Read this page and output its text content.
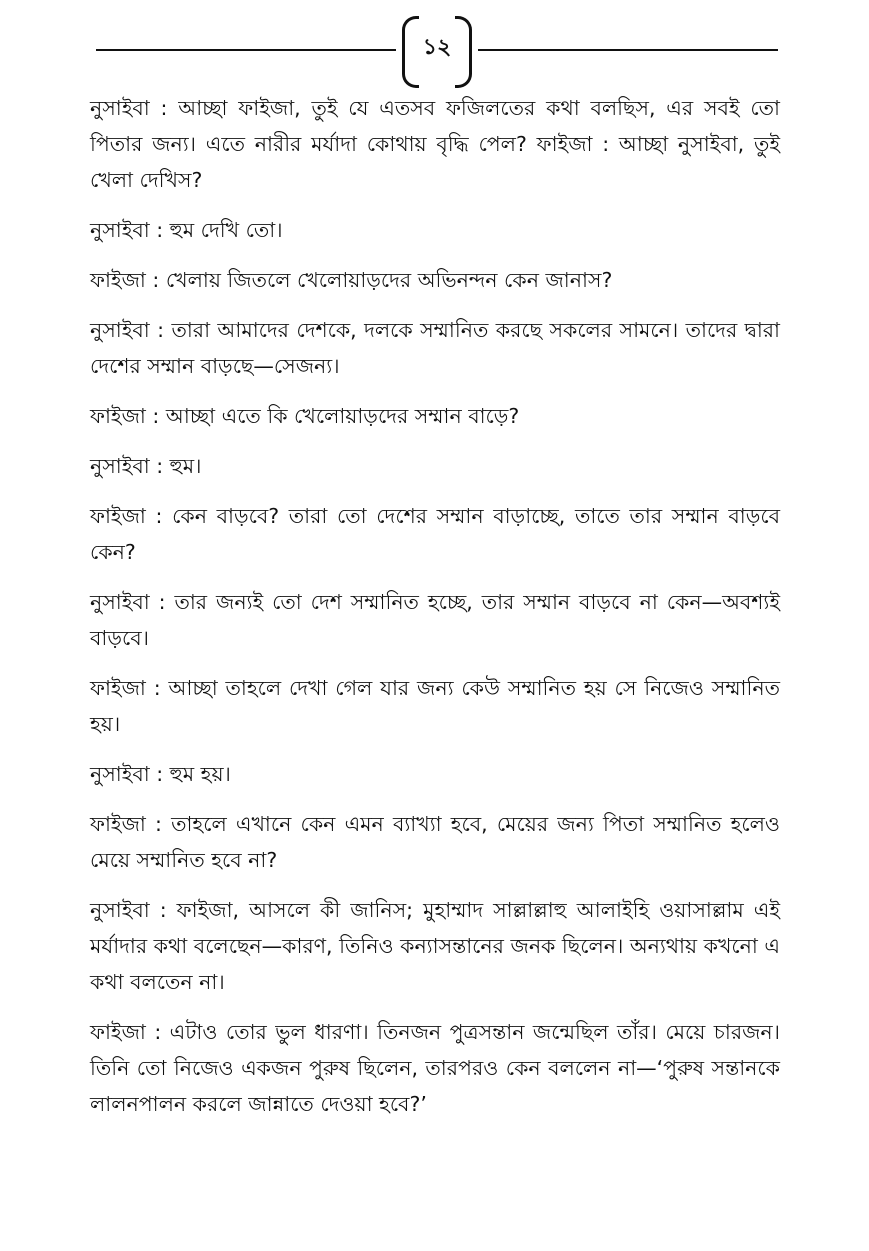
১২

নুসাইবা : আচ্ছা ফাইজা, তুই যে এতসব ফজিলতের কথা বলছিস, এর সবই তো পিতার জন্য। এতে নারীর মর্যাদা কোথায় বৃদ্ধি পেল? ফাইজা : আচ্ছা নুসাইবা, তুই খেলা দেখিস?

নুসাইবা : হুম দেখি তো।

ফাইজা : খেলায় জিতলে খেলোয়াড়দের অভিনন্দন কেন জানাস?

নুসাইবা : তারা আমাদের দেশকে, দলকে সম্মানিত করছে সকলের সামনে। তাদের দ্বারা দেশের সম্মান বাড়ছে—সেজন্য।

ফাইজা : আচ্ছা এতে কি খেলোয়াড়দের সম্মান বাড়ে?

নুসাইবা : হুম।

ফাইজা : কেন বাড়বে? তারা তো দেশের সম্মান বাড়াচ্ছে, তাতে তার সম্মান বাড়বে কেন?

নুসাইবা : তার জন্যই তো দেশ সম্মানিত হচ্ছে, তার সম্মান বাড়বে না কেন—অবশ্যই বাড়বে।

ফাইজা : আচ্ছা তাহলে দেখা গেল যার জন্য কেউ সম্মানিত হয় সে নিজেও সম্মানিত হয়।

নুসাইবা : হুম হয়।

ফাইজা : তাহলে এখানে কেন এমন ব্যাখ্যা হবে, মেয়ের জন্য পিতা সম্মানিত হলেও মেয়ে সম্মানিত হবে না?

নুসাইবা : ফাইজা, আসলে কী জানিস; মুহাম্মাদ সাল্লাল্লাহু আলাইহি ওয়াসাল্লাম এই মর্যাদার কথা বলেছেন—কারণ, তিনিও কন্যাসন্তানের জনক ছিলেন। অন্যথায় কখনো এ কথা বলতেন না।

ফাইজা : এটাও তোর ভুল ধারণা। তিনজন পুত্রসন্তান জন্মেছিল তাঁর। মেয়ে চারজন। তিনি তো নিজেও একজন পুরুষ ছিলেন, তারপরও কেন বললেন না—‘পুরুষ সন্তানকে লালনপালন করলে জান্নাতে দেওয়া হবে?’
